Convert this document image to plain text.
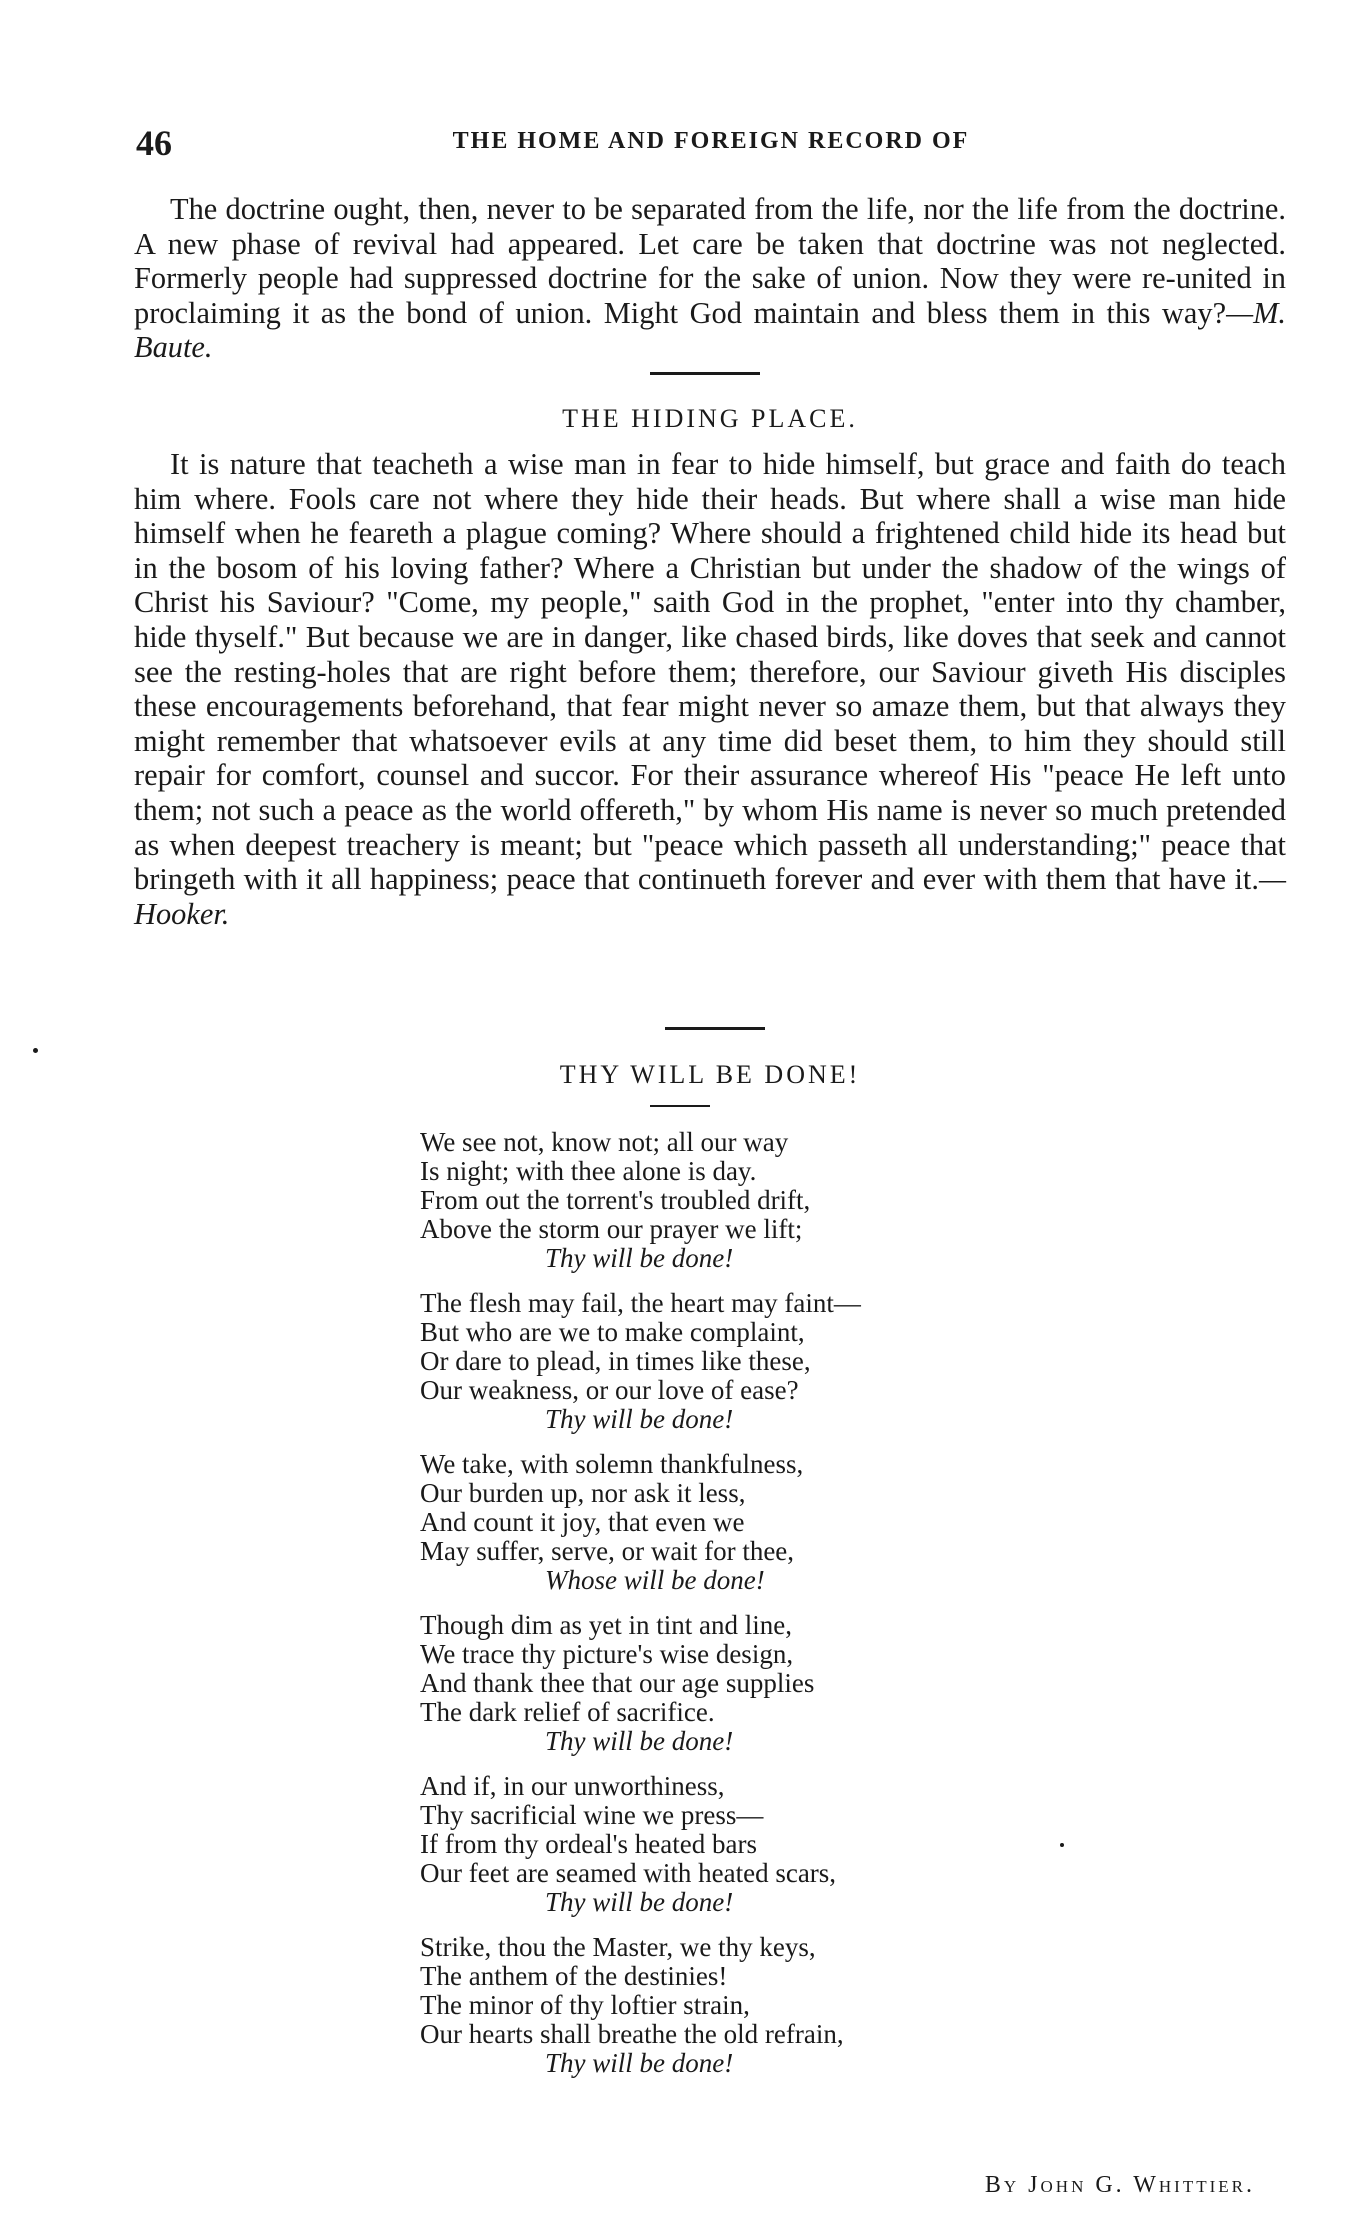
46	THE HOME AND FOREIGN RECORD OF

The doctrine ought, then, never to be separated from the life, nor the life from the doctrine. A new phase of revival had appeared. Let care be taken that doctrine was not neglected. Formerly people had suppressed doctrine for the sake of union. Now they were re-united in proclaiming it as the bond of union. Might God maintain and bless them in this way?—M. Baute.

THE HIDING PLACE.

It is nature that teacheth a wise man in fear to hide himself, but grace and faith do teach him where. Fools care not where they hide their heads. But where shall a wise man hide himself when he feareth a plague coming? Where should a frightened child hide its head but in the bosom of his loving father? Where a Christian but under the shadow of the wings of Christ his Saviour? "Come, my people," saith God in the prophet, "enter into thy chamber, hide thyself." But because we are in danger, like chased birds, like doves that seek and cannot see the resting-holes that are right before them; therefore, our Saviour giveth His disciples these encouragements beforehand, that fear might never so amaze them, but that always they might remember that whatsoever evils at any time did beset them, to him they should still repair for comfort, counsel and succor. For their assurance whereof His "peace He left unto them; not such a peace as the world offereth," by whom His name is never so much pretended as when deepest treachery is meant; but "peace which passeth all understanding;" peace that bringeth with it all happiness; peace that continueth forever and ever with them that have it.—Hooker.

THY WILL BE DONE!
We see not, know not; all our way
Is night; with thee alone is day.
From out the torrent's troubled drift,
Above the storm our prayer we lift;
Thy will be done!
The flesh may fail, the heart may faint—
But who are we to make complaint,
Or dare to plead, in times like these,
Our weakness, or our love of ease?
Thy will be done!
We take, with solemn thankfulness,
Our burden up, nor ask it less,
And count it joy, that even we
May suffer, serve, or wait for thee,
Whose will be done!
Though dim as yet in tint and line,
We trace thy picture's wise design,
And thank thee that our age supplies
The dark relief of sacrifice.
Thy will be done!
And if, in our unworthiness,
Thy sacrificial wine we press—
If from thy ordeal's heated bars
Our feet are seamed with heated scars,
Thy will be done!
Strike, thou the Master, we thy keys,
The anthem of the destinies!
The minor of thy loftier strain,
Our hearts shall breathe the old refrain,
Thy will be done!
By John G. Whittier.
